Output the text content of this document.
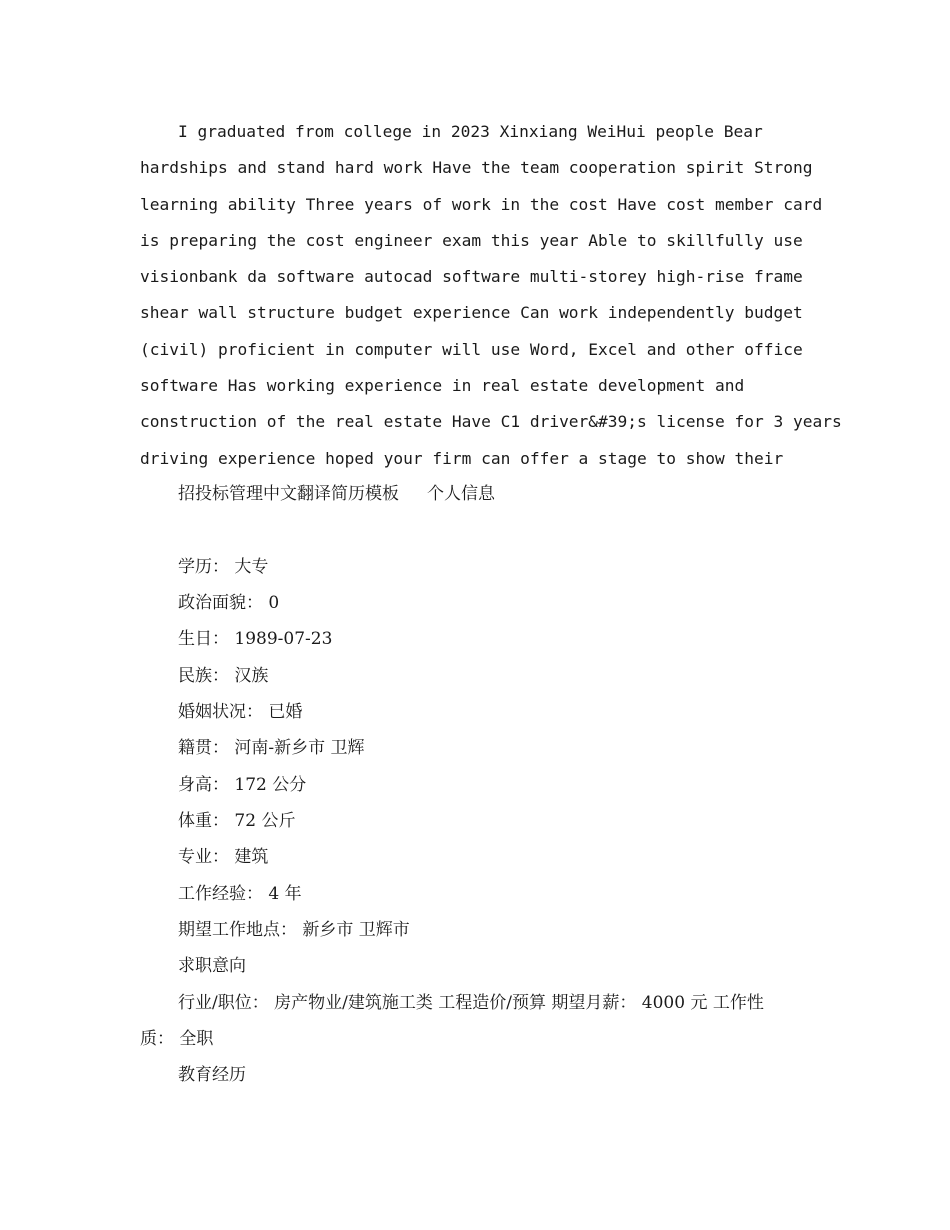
I graduated from college in 2023 Xinxiang WeiHui people Bear
hardships and stand hard work Have the team cooperation spirit Strong
learning ability Three years of work in the cost Have cost member card
is preparing the cost engineer exam this year Able to skillfully use
visionbank da software autocad software multi-storey high-rise frame
shear wall structure budget experience Can work independently budget
(civil) proficient in computer will use Word, Excel and other office
software Has working experience in real estate development and
construction of the real estate Have C1 driver&#39;s license for 3 years
driving experience hoped your firm can offer a stage to show their
招投标管理中文翻译简历模板 个人信息
学历： 大专
政治面貌： 0
生日： 1989-07-23
民族： 汉族
婚姻状况： 已婚
籍贯： 河南-新乡市 卫辉
身高： 172 公分
体重： 72 公斤
专业： 建筑
工作经验： 4 年
期望工作地点： 新乡市 卫辉市
求职意向
行业/职位： 房产物业/建筑施工类 工程造价/预算 期望月薪： 4000 元 工作性
质： 全职
教育经历
